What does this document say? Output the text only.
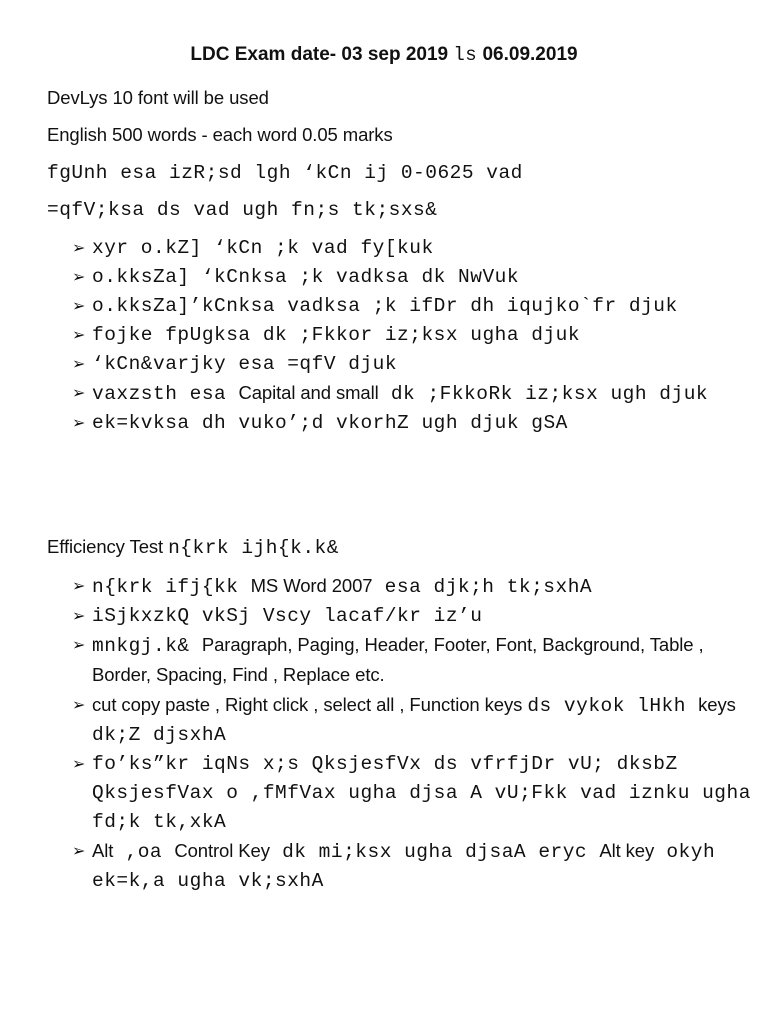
LDC Exam date- 03 sep 2019 ls 06.09.2019
DevLys 10 font will be used
English 500 words - each word 0.05 marks
fgUnh esa izR;sd lgh ‘kCn ij 0-0625 vad
=qfV;ksa ds vad ugh fn;s tk;sxs&
➢ xyr o.kZ] ‘kCn ;k vad fy[kuk
➢ o.kksZa] ‘kCnksa ;k vadksa dk NwVuk
➢ o.kksZa]’kCnksa vadksa ;k ifDr dh iqujko`fr djuk
➢ fojke fpUgksa dk ;Fkkor iz;ksx ugha djuk
➢ ‘kCn&varjky esa =qfV djuk
➢ vaxzsth esa Capital and small dk ;FkkoRk iz;ksx ugh djuk
➢ ek=kvksa dh vuko’;d vkorhZ ugh djuk gSA
Efficiency Test n{krk ijh{k.k&
➢ n{krk ifj{kk MS Word 2007 esa djk;h tk;sxhA
➢ iSjkxzkQ vkSj Vscy lacaf/kr iz’u
➢ mnkgj.k& Paragraph, Paging, Header, Footer, Font, Background, Table , Border, Spacing, Find , Replace etc.
➢ cut copy paste , Right click , select all , Function keys ds vykok lHkh keys dk;Z djsxhA
➢ fo’ks”kr iqNs x;s QksjesfVx ds vfrfjDr vU; dksbZ QksjesfVax o ,fMfVax ugha djsa A vU;Fkk vad iznku ugha fd;k tk,xkA
➢ Alt ,oa Control Key dk mi;ksx ugha djsaA eryc Alt key okyh ek=k,a ugha vk;sxhA
